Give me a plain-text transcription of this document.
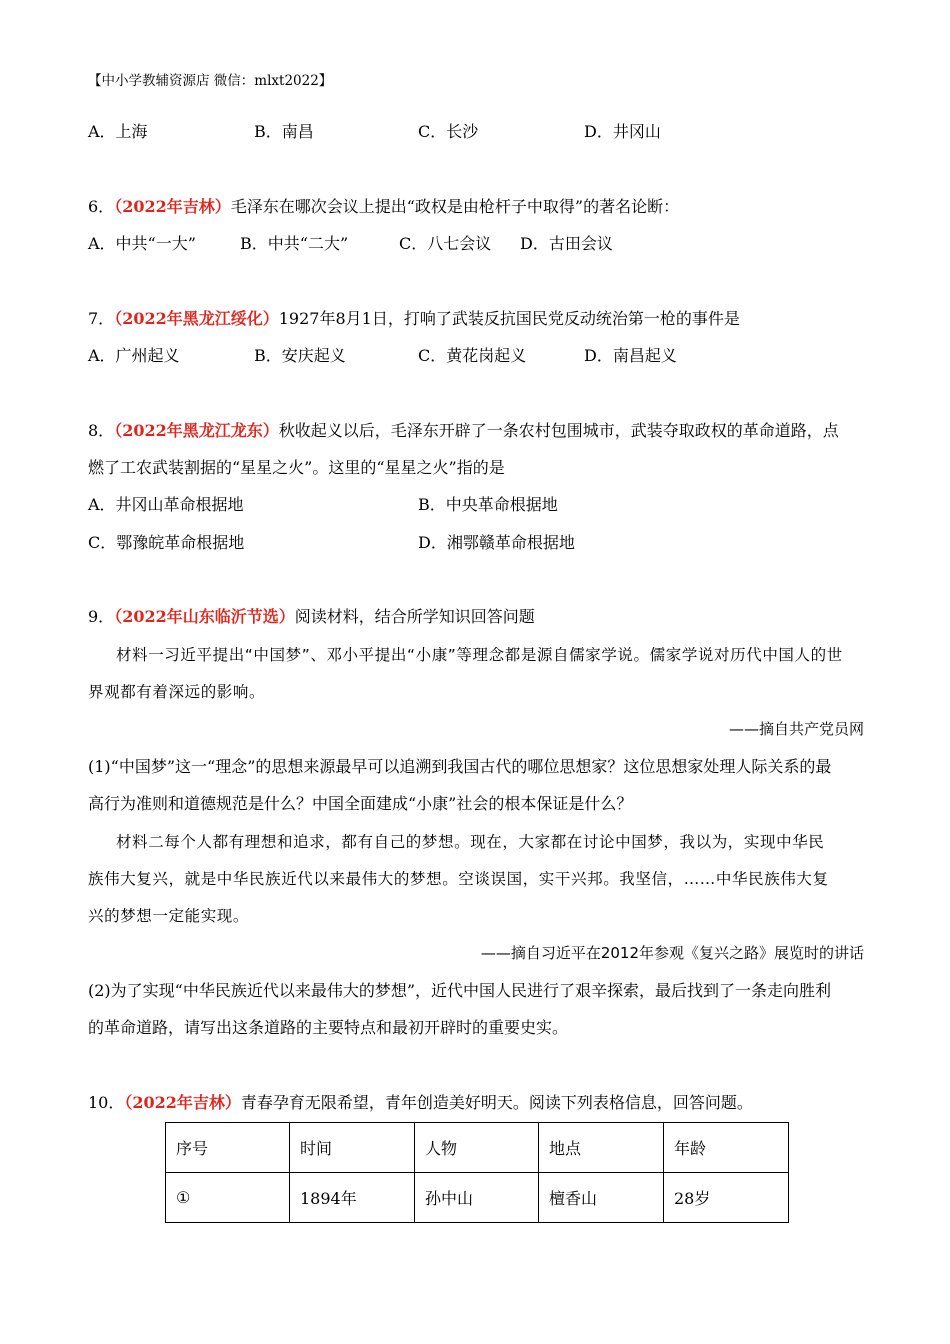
【中小学教辅资源店 微信：mlxt2022】
A．上海	B．南昌	C．长沙	D．井冈山
6．（2022年吉林）毛泽东在哪次会议上提出“政权是由枪杆子中取得”的著名论断：
A．中共“一大”	B．中共“二大”	C．八七会议 D．古田会议
7．（2022年黑龙江绥化）1927年8月1日，打响了武装反抗国民党反动统治第一枪的事件是
A．广州起义	B．安庆起义	C．黄花岗起义	D．南昌起义
8．（2022年黑龙江龙东）秋收起义以后，毛泽东开辟了一条农村包围城市，武装夺取政权的革命道路，点
燃了工农武装割据的“星星之火”。这里的“星星之火”指的是
A．井冈山革命根据地	B．中央革命根据地
C．鄂豫皖革命根据地	D．湘鄂赣革命根据地
9．（2022年山东临沂节选）阅读材料，结合所学知识回答问题
材料一习近平提出“中国梦”、邓小平提出“小康”等理念都是源自儒家学说。儒家学说对历代中国人的世
界观都有着深远的影响。
——摘自共产党员网
(1)“中国梦”这一“理念”的思想来源最早可以追溯到我国古代的哪位思想家？这位思想家处理人际关系的最
高行为准则和道德规范是什么？中国全面建成“小康”社会的根本保证是什么？
材料二每个人都有理想和追求，都有自己的梦想。现在，大家都在讨论中国梦，我以为，实现中华民
族伟大复兴，就是中华民族近代以来最伟大的梦想。空谈误国，实干兴邦。我坚信，……中华民族伟大复
兴的梦想一定能实现。
——摘自习近平在2012年参观《复兴之路》展览时的讲话
(2)为了实现“中华民族近代以来最伟大的梦想”，近代中国人民进行了艰辛探索，最后找到了一条走向胜利
的革命道路，请写出这条道路的主要特点和最初开辟时的重要史实。
10．（2022年吉林）青春孕育无限希望，青年创造美好明天。阅读下列表格信息，回答问题。
序号	时间	人物	地点	年龄
①	1894年	孙中山	檀香山	28岁
